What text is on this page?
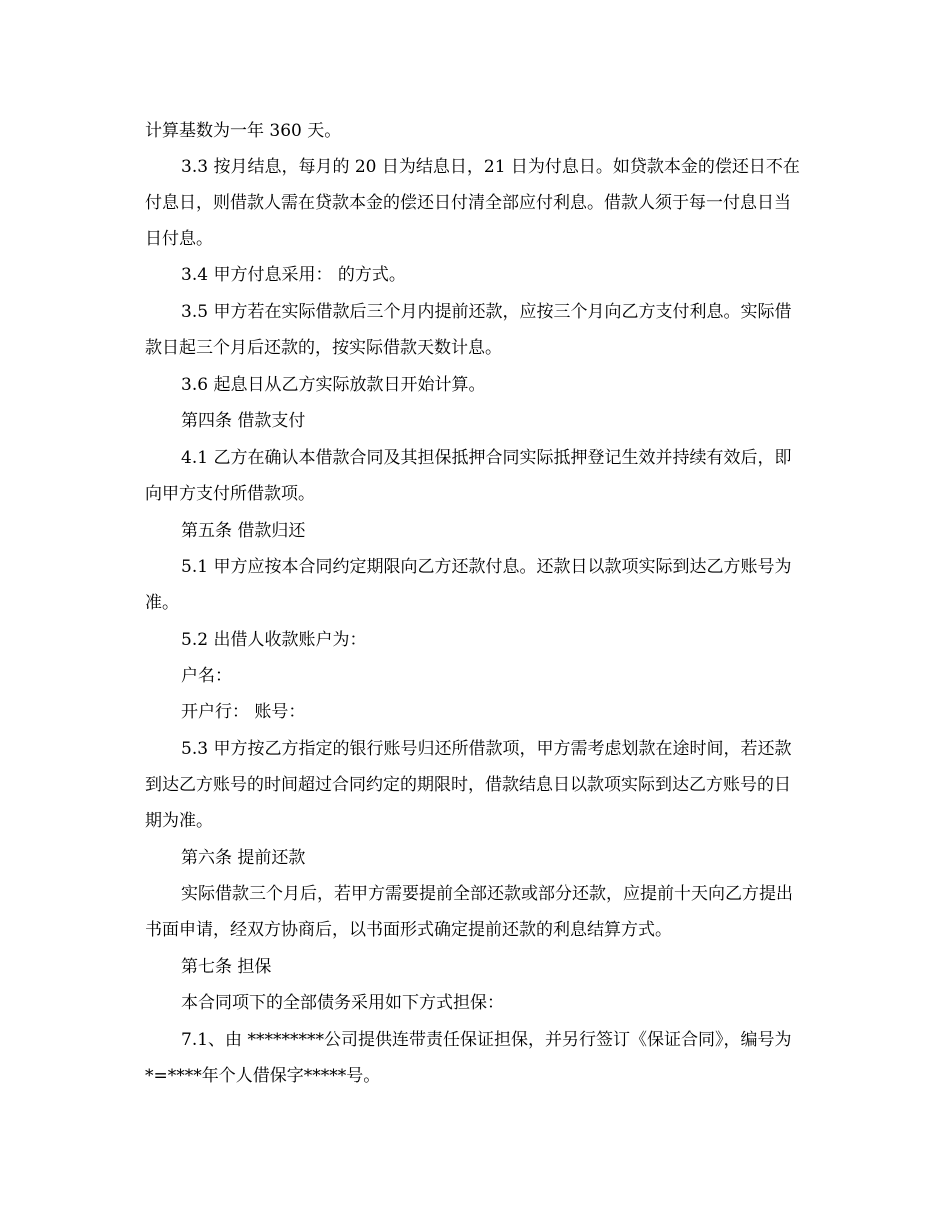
计算基数为一年 360 天。

3.3 按月结息，每月的 20 日为结息日，21 日为付息日。如贷款本金的偿还日不在付息日，则借款人需在贷款本金的偿还日付清全部应付利息。借款人须于每一付息日当日付息。

3.4 甲方付息采用： 的方式。

3.5 甲方若在实际借款后三个月内提前还款，应按三个月向乙方支付利息。实际借款日起三个月后还款的，按实际借款天数计息。

3.6 起息日从乙方实际放款日开始计算。

第四条 借款支付

4.1 乙方在确认本借款合同及其担保抵押合同实际抵押登记生效并持续有效后，即向甲方支付所借款项。

第五条 借款归还

5.1 甲方应按本合同约定期限向乙方还款付息。还款日以款项实际到达乙方账号为准。

5.2 出借人收款账户为：

户名：

开户行： 账号：

5.3 甲方按乙方指定的银行账号归还所借款项，甲方需考虑划款在途时间，若还款到达乙方账号的时间超过合同约定的期限时，借款结息日以款项实际到达乙方账号的日期为准。

第六条 提前还款

实际借款三个月后，若甲方需要提前全部还款或部分还款，应提前十天向乙方提出书面申请，经双方协商后，以书面形式确定提前还款的利息结算方式。

第七条 担保

本合同项下的全部债务采用如下方式担保：

7.1、由 *********公司提供连带责任保证担保，并另行签订《保证合同》，编号为*=****年个人借保字*****号。
